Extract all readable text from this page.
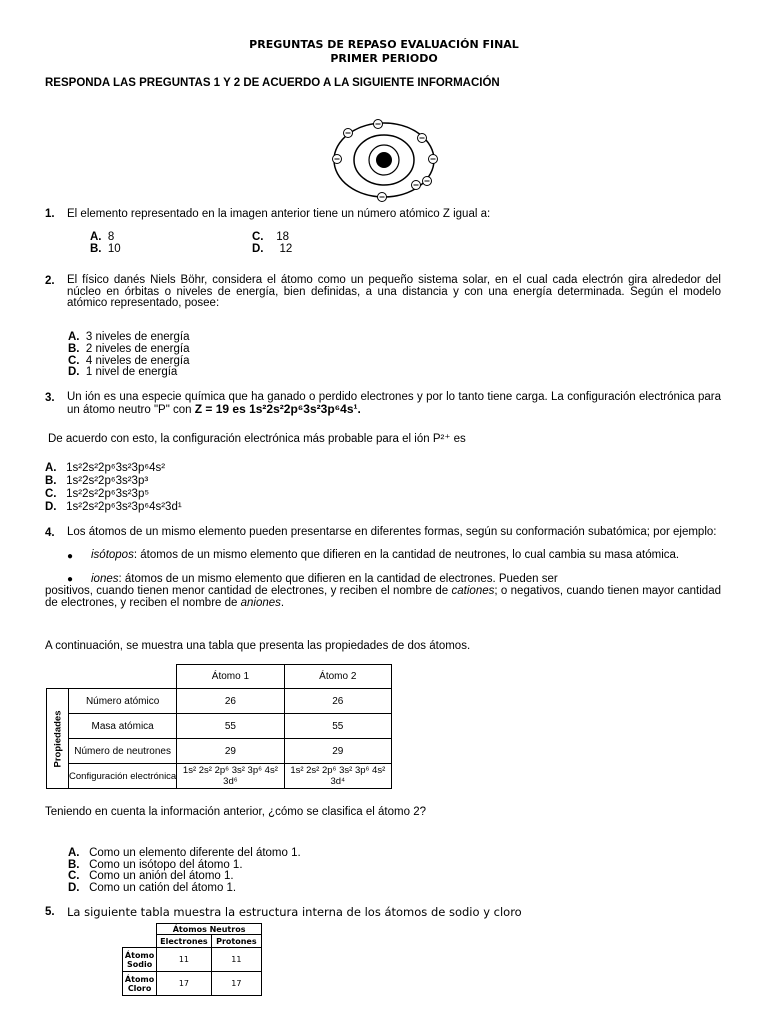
PREGUNTAS DE REPASO EVALUACIÓN FINAL
PRIMER PERIODO
RESPONDA LAS PREGUNTAS 1 Y 2 DE ACUERDO A LA SIGUIENTE INFORMACIÓN
1. El elemento representado en la imagen anterior tiene un número atómico Z igual a:
A. 8
B. 10
C. 18
D. 12
2. El físico danés Niels Böhr, considera el átomo como un pequeño sistema solar, en el cual cada electrón gira alrededor del núcleo en órbitas o niveles de energía, bien definidas, a una distancia y con una energía determinada. Según el modelo atómico representado, posee:
A. 3 niveles de energía
B. 2 niveles de energía
C. 4 niveles de energía
D. 1 nivel de energía
3. Un ión es una especie química que ha ganado o perdido electrones y por lo tanto tiene carga. La configuración electrónica para un átomo neutro "P" con Z = 19 es 1s²2s²2p⁶3s²3p⁶4s¹.
De acuerdo con esto, la configuración electrónica más probable para el ión P²⁺ es
A. 1s²2s²2p⁶3s²3p⁶4s²
B. 1s²2s²2p⁶3s²3p³
C. 1s²2s²2p⁶3s²3p⁵
D. 1s²2s²2p⁶3s²3p⁶4s²3d¹
4. Los átomos de un mismo elemento pueden presentarse en diferentes formas, según su conformación subatómica; por ejemplo:
● isótopos: átomos de un mismo elemento que difieren en la cantidad de neutrones, lo cual cambia su masa atómica.
● iones: átomos de un mismo elemento que difieren en la cantidad de electrones. Pueden ser
positivos, cuando tienen menor cantidad de electrones, y reciben el nombre de cationes; o negativos, cuando tienen mayor cantidad de electrones, y reciben el nombre de aniones.
A continuación, se muestra una tabla que presenta las propiedades de dos átomos.
		Átomo 1	Átomo 2

Propiedades	Número atómico	26	26
	Masa atómica	55	55
	Número de neutrones	29	29
	Configuración electrónica	1s² 2s² 2p⁶ 3s² 3p⁶ 4s² 3d⁶	1s² 2s² 2p⁶ 3s² 3p⁶ 4s² 3d⁴
Teniendo en cuenta la información anterior, ¿cómo se clasifica el átomo 2?
A. Como un elemento diferente del átomo 1.
B. Como un isótopo del átomo 1.
C. Como un anión del átomo 1.
D. Como un catión del átomo 1.
5. La siguiente tabla muestra la estructura interna de los átomos de sodio y cloro
	Átomos Neutros	
	Electrones	Protones
Átomo Sodio	11	11
Átomo Cloro	17	17
